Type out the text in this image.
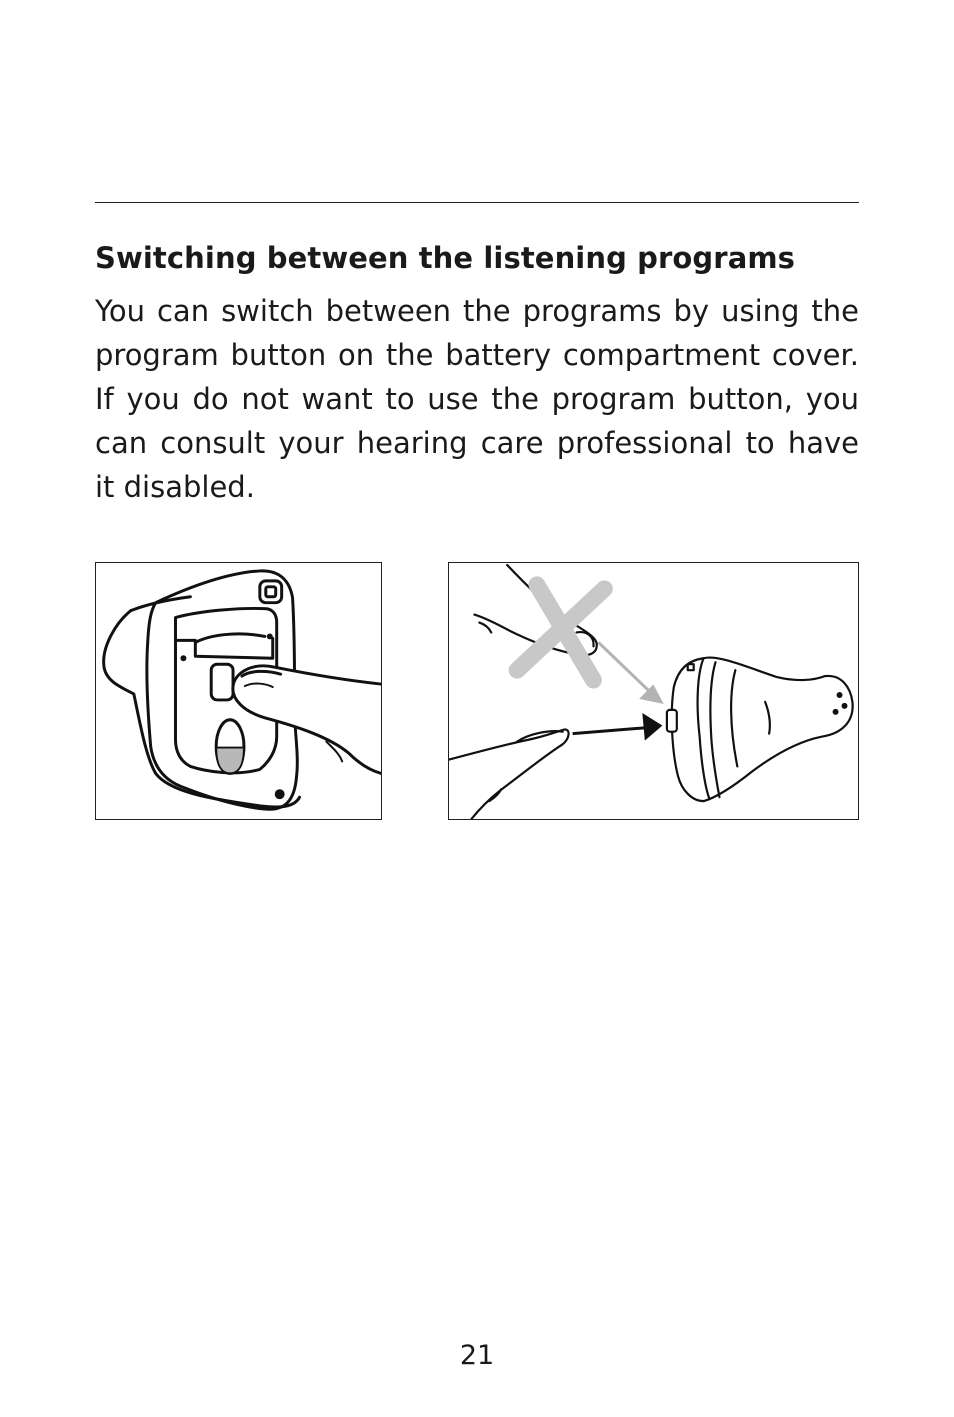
Switching between the listening programs

You can switch between the programs by using the program button on the battery compartment cover. If you do not want to use the program button, you can consult your hearing care professional to have it disabled.

21
